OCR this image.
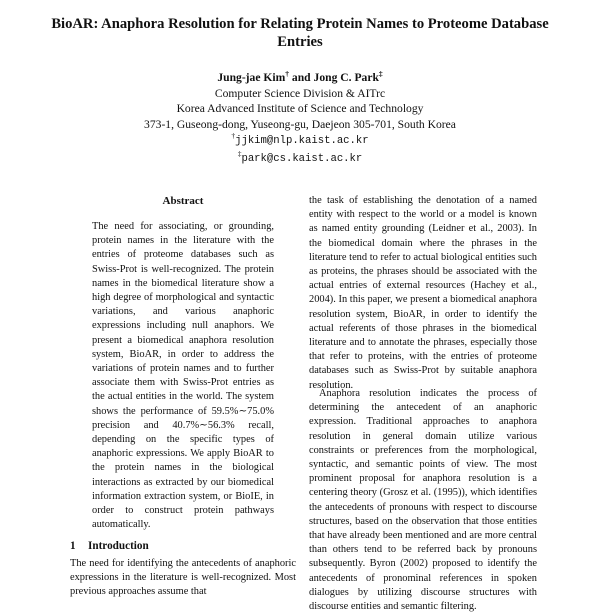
BioAR: Anaphora Resolution for Relating Protein Names to Proteome Database Entries
Jung-jae Kim† and Jong C. Park‡
Computer Science Division & AITrc
Korea Advanced Institute of Science and Technology
373-1, Guseong-dong, Yuseong-gu, Daejeon 305-701, South Korea
†jjkim@nlp.kaist.ac.kr
‡park@cs.kaist.ac.kr
Abstract

The need for associating, or grounding, protein names in the literature with the entries of proteome databases such as Swiss-Prot is well-recognized. The protein names in the biomedical literature show a high degree of morphological and syntactic variations, and various anaphoric expressions including null anaphors. We present a biomedical anaphora resolution system, BioAR, in order to address the variations of protein names and to further associate them with Swiss-Prot entries as the actual entities in the world. The system shows the performance of 59.5%∼75.0% precision and 40.7%∼56.3% recall, depending on the specific types of anaphoric expressions. We apply BioAR to the protein names in the biological interactions as extracted by our biomedical information extraction system, or BioIE, in order to construct protein pathways automatically.

1 Introduction

The need for identifying the antecedents of anaphoric expressions in the literature is well-recognized. Most previous approaches assume that

the task of establishing the denotation of a named entity with respect to the world or a model is known as named entity grounding (Leidner et al., 2003). In the biomedical domain where the phrases in the literature tend to refer to actual biological entities such as proteins, the phrases should be associated with the actual entries of external resources (Hachey et al., 2004). In this paper, we present a biomedical anaphora resolution system, BioAR, in order to identify the actual referents of those phrases in the biomedical literature and to annotate the phrases, especially those that refer to proteins, with the entries of proteome databases such as Swiss-Prot by suitable anaphora resolution.

Anaphora resolution indicates the process of determining the antecedent of an anaphoric expression. Traditional approaches to anaphora resolution in general domain utilize various constraints or preferences from the morphological, syntactic, and semantic points of view. The most prominent proposal for anaphora resolution is a centering theory (Grosz et al. (1995)), which identifies the antecedents of pronouns with respect to discourse structures, based on the observation that those entities that have already been mentioned and are more central than others tend to be referred back by pronouns subsequently. Byron (2002) proposed to identify the antecedents of pronominal references in spoken dialogues by utilizing discourse structures with discourse entities and semantic filtering.
